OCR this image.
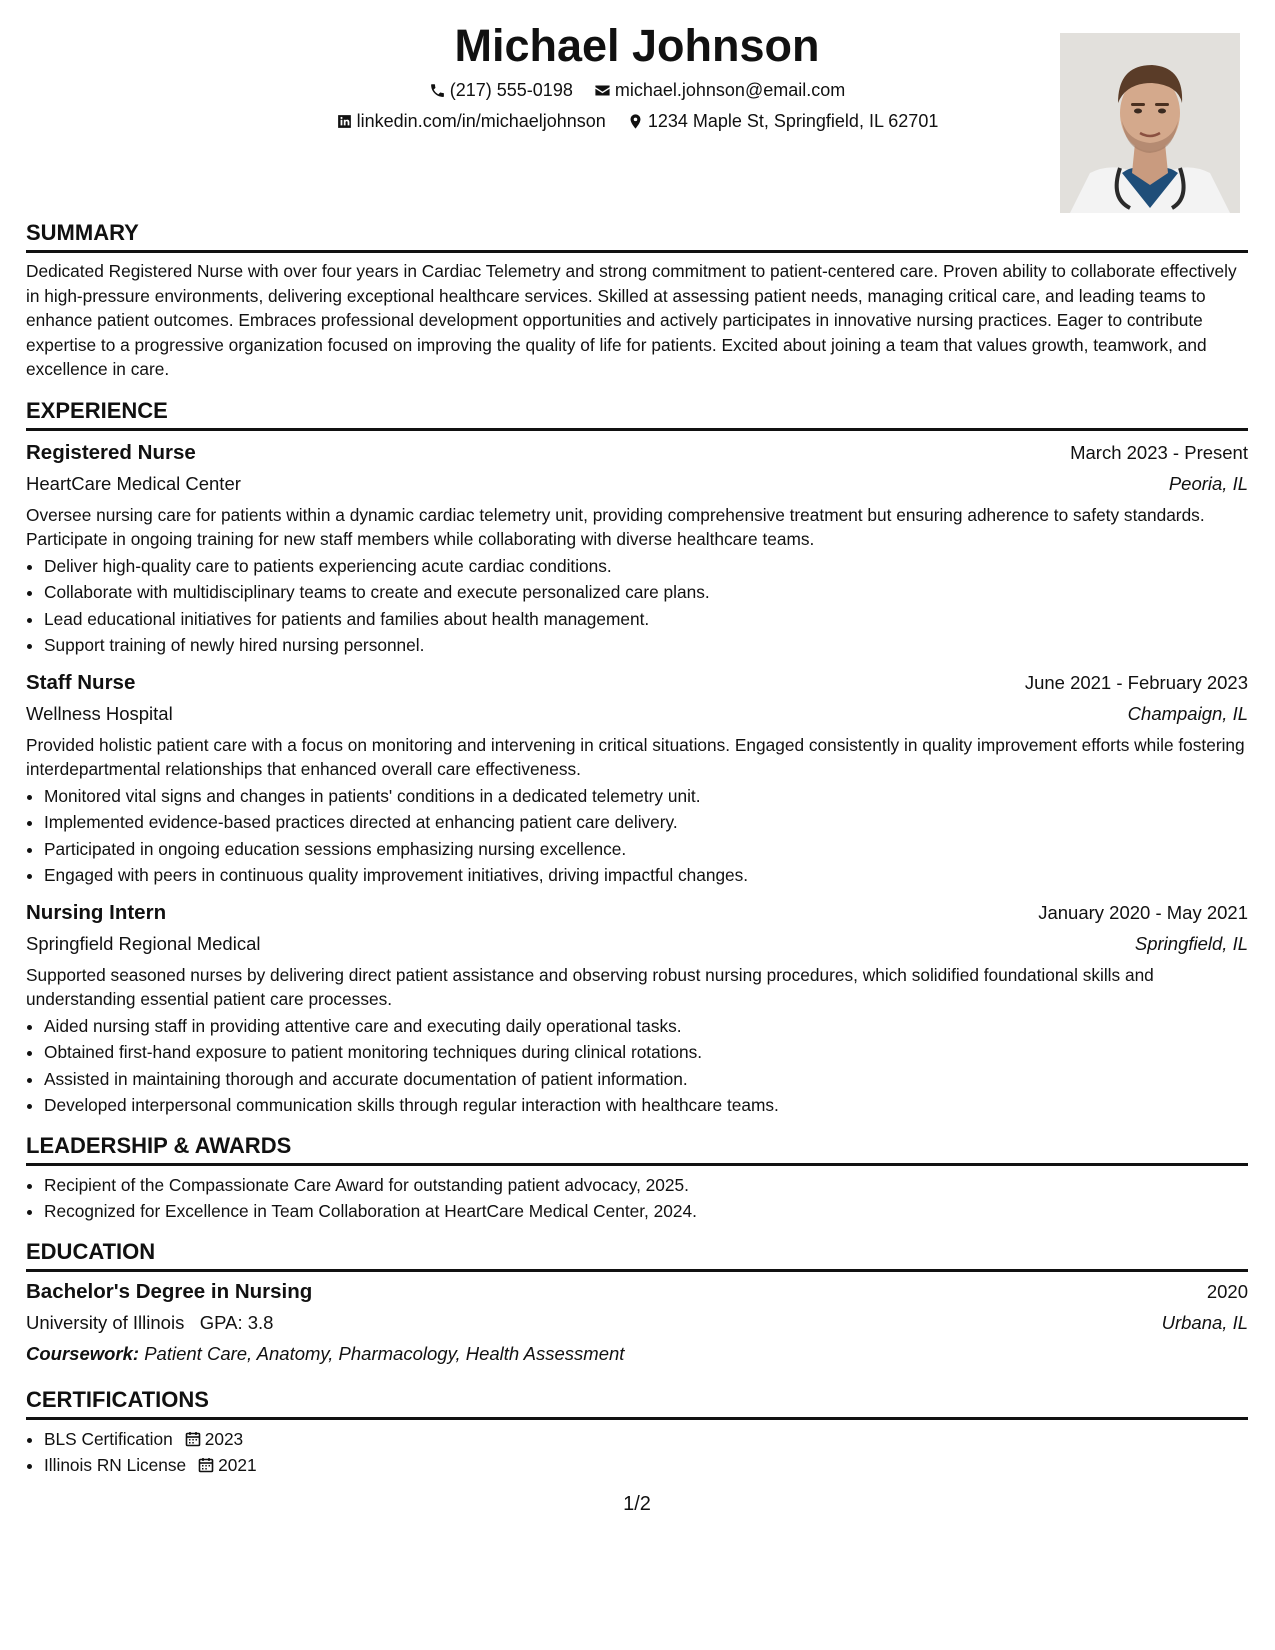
Michael Johnson
(217) 555-0198
michael.johnson@email.com
linkedin.com/in/michaeljohnson
1234 Maple St, Springfield, IL 62701
SUMMARY

Dedicated Registered Nurse with over four years in Cardiac Telemetry and strong commitment to patient-centered care. Proven ability to collaborate effectively in high-pressure environments, delivering exceptional healthcare services. Skilled at assessing patient needs, managing critical care, and leading teams to enhance patient outcomes. Embraces professional development opportunities and actively participates in innovative nursing practices. Eager to contribute expertise to a progressive organization focused on improving the quality of life for patients. Excited about joining a team that values growth, teamwork, and excellence in care.

EXPERIENCE
Registered Nurse	March 2023 - Present
HeartCare Medical Center	Peoria, IL

Oversee nursing care for patients within a dynamic cardiac telemetry unit, providing comprehensive treatment but ensuring adherence to safety standards. Participate in ongoing training for new staff members while collaborating with diverse healthcare teams.

• Deliver high-quality care to patients experiencing acute cardiac conditions.
• Collaborate with multidisciplinary teams to create and execute personalized care plans.
• Lead educational initiatives for patients and families about health management.
• Support training of newly hired nursing personnel.
Staff Nurse	June 2021 - February 2023
Wellness Hospital	Champaign, IL

Provided holistic patient care with a focus on monitoring and intervening in critical situations. Engaged consistently in quality improvement efforts while fostering interdepartmental relationships that enhanced overall care effectiveness.

• Monitored vital signs and changes in patients' conditions in a dedicated telemetry unit.
• Implemented evidence-based practices directed at enhancing patient care delivery.
• Participated in ongoing education sessions emphasizing nursing excellence.
• Engaged with peers in continuous quality improvement initiatives, driving impactful changes.
Nursing Intern	January 2020 - May 2021
Springfield Regional Medical	Springfield, IL

Supported seasoned nurses by delivering direct patient assistance and observing robust nursing procedures, which solidified foundational skills and understanding essential patient care processes.

• Aided nursing staff in providing attentive care and executing daily operational tasks.
• Obtained first-hand exposure to patient monitoring techniques during clinical rotations.
• Assisted in maintaining thorough and accurate documentation of patient information.
• Developed interpersonal communication skills through regular interaction with healthcare teams.
LEADERSHIP & AWARDS
• Recipient of the Compassionate Care Award for outstanding patient advocacy, 2025.
• Recognized for Excellence in Team Collaboration at HeartCare Medical Center, 2024.
EDUCATION
Bachelor's Degree in Nursing	2020
University of Illinois GPA: 3.8	Urbana, IL
Coursework: Patient Care, Anatomy, Pharmacology, Health Assessment
CERTIFICATIONS
• BLS Certification 2023
• Illinois RN License 2021
1/2
